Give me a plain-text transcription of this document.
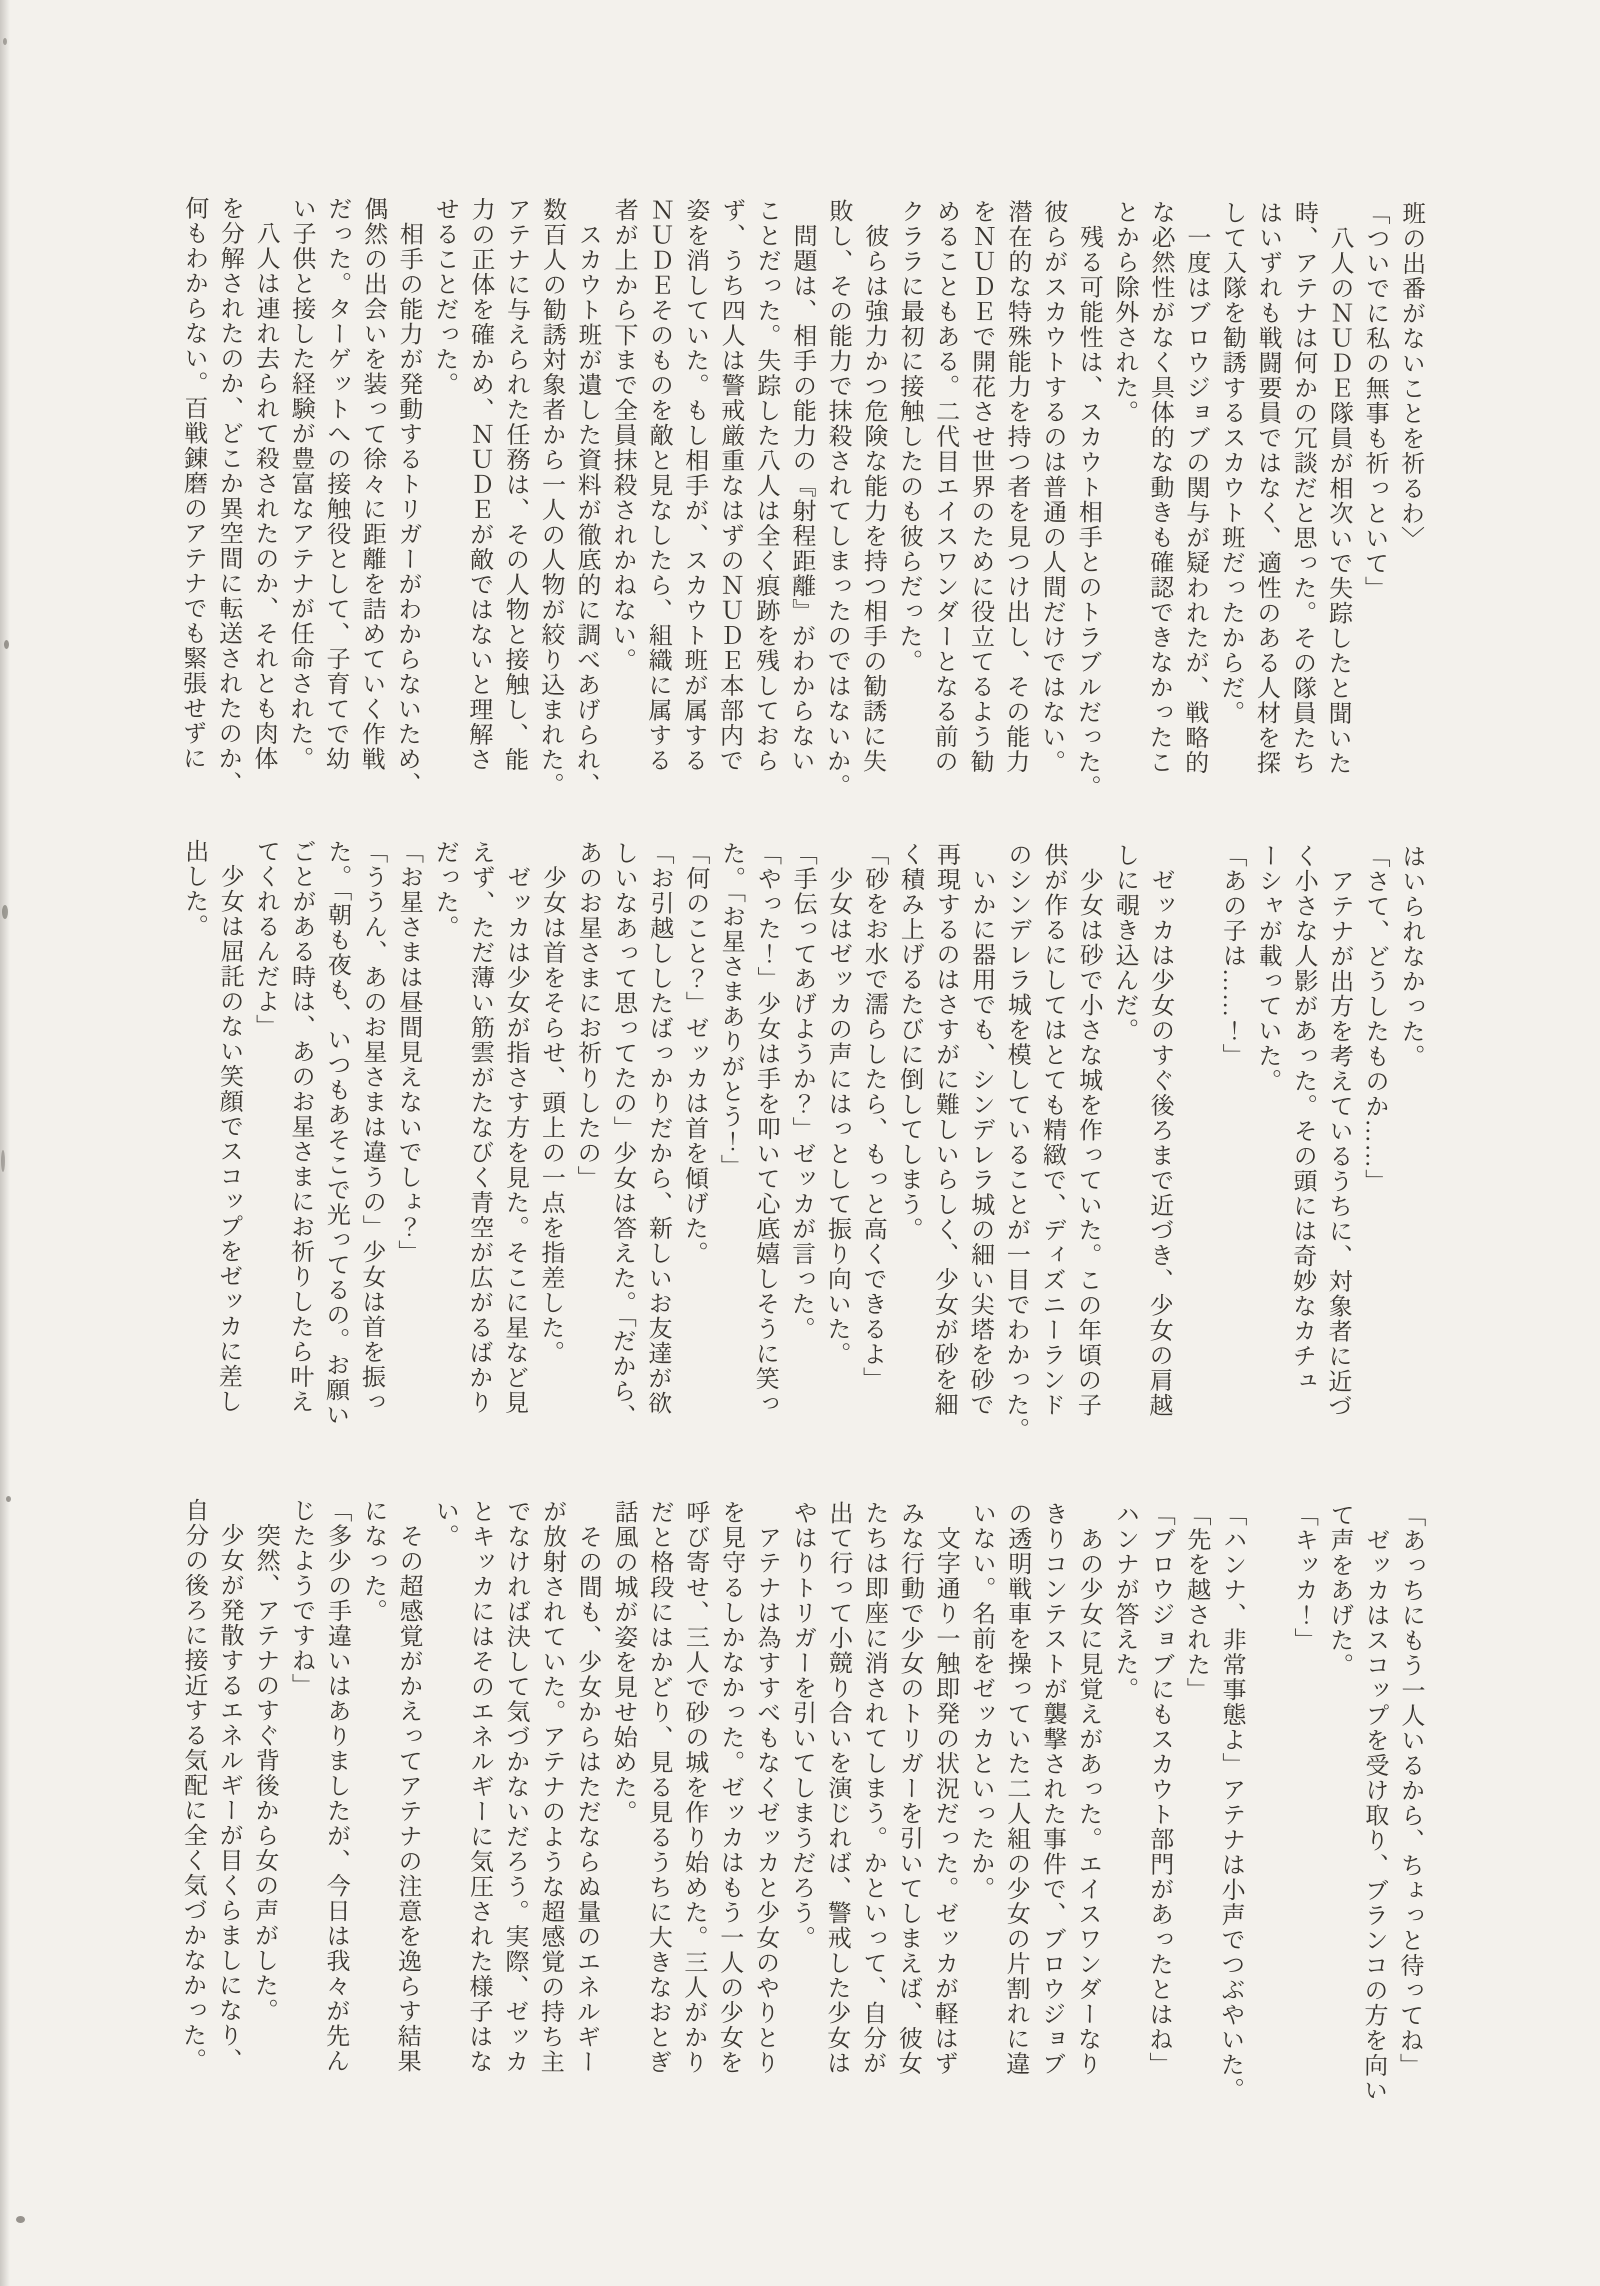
班の出番がないことを祈るわ〉

「ついでに私の無事も祈っといて」

　八人のＮＵＤＥ隊員が相次いで失踪したと聞いた

時、アテナは何かの冗談だと思った。その隊員たち

はいずれも戦闘要員ではなく、適性のある人材を探

して入隊を勧誘するスカウト班だったからだ。

　一度はブロウジョブの関与が疑われたが、戦略的

な必然性がなく具体的な動きも確認できなかったこ

とから除外された。

　残る可能性は、スカウト相手とのトラブルだった。

彼らがスカウトするのは普通の人間だけではない。

潜在的な特殊能力を持つ者を見つけ出し、その能力

をＮＵＤＥで開花させ世界のために役立てるよう勧

めることもある。二代目エイスワンダーとなる前の

クララに最初に接触したのも彼らだった。

　彼らは強力かつ危険な能力を持つ相手の勧誘に失

敗し、その能力で抹殺されてしまったのではないか。

　問題は、相手の能力の『射程距離』がわからない

ことだった。失踪した八人は全く痕跡を残しておら

ず、うち四人は警戒厳重なはずのＮＵＤＥ本部内で

姿を消していた。もし相手が、スカウト班が属する

ＮＵＤＥそのものを敵と見なしたら、組織に属する

者が上から下まで全員抹殺されかねない。

　スカウト班が遺した資料が徹底的に調べあげられ、

数百人の勧誘対象者から一人の人物が絞り込まれた。

アテナに与えられた任務は、その人物と接触し、能

力の正体を確かめ、ＮＵＤＥが敵ではないと理解さ

せることだった。

　相手の能力が発動するトリガーがわからないため、

偶然の出会いを装って徐々に距離を詰めていく作戦

だった。ターゲットへの接触役として、子育てで幼

い子供と接した経験が豊富なアテナが任命された。

　八人は連れ去られて殺されたのか、それとも肉体

を分解されたのか、どこか異空間に転送されたのか、

何もわからない。百戦錬磨のアテナでも緊張せずに

はいられなかった。

「さて、どうしたものか……」

　アテナが出方を考えているうちに、対象者に近づ

く小さな人影があった。その頭には奇妙なカチュ

ーシャが載っていた。

「あの子は……！」

　ゼッカは少女のすぐ後ろまで近づき、少女の肩越

しに覗き込んだ。

　少女は砂で小さな城を作っていた。この年頃の子

供が作るにしてはとても精緻で、ディズニーランド

のシンデレラ城を模していることが一目でわかった。

　いかに器用でも、シンデレラ城の細い尖塔を砂で

再現するのはさすがに難しいらしく、少女が砂を細

く積み上げるたびに倒してしまう。

「砂をお水で濡らしたら、もっと高くできるよ」

　少女はゼッカの声にはっとして振り向いた。

「手伝ってあげようか？」ゼッカが言った。

「やった！」少女は手を叩いて心底嬉しそうに笑っ

た。「お星さまありがとう！」

「何のこと？」ゼッカは首を傾げた。

「お引越ししたばっかりだから、新しいお友達が欲

しいなあって思ってたの」少女は答えた。「だから、

あのお星さまにお祈りしたの」

　少女は首をそらせ、頭上の一点を指差した。

　ゼッカは少女が指さす方を見た。そこに星など見

えず、ただ薄い筋雲がたなびく青空が広がるばかり

だった。

「お星さまは昼間見えないでしょ？」

「ううん、あのお星さまは違うの」少女は首を振っ

た。「朝も夜も、いつもあそこで光ってるの。お願い

ごとがある時は、あのお星さまにお祈りしたら叶え

てくれるんだよ」

　少女は屈託のない笑顔でスコップをゼッカに差し

出した。

「あっちにもう一人いるから、ちょっと待ってね」

　ゼッカはスコップを受け取り、ブランコの方を向い

て声をあげた。

「キッカ！」

「ハンナ、非常事態よ」アテナは小声でつぶやいた。

「先を越された」

「ブロウジョブにもスカウト部門があったとはね」

ハンナが答えた。

　あの少女に見覚えがあった。エイスワンダーなり

きりコンテストが襲撃された事件で、ブロウジョブ

の透明戦車を操っていた二人組の少女の片割れに違

いない。名前をゼッカといったか。

　文字通り一触即発の状況だった。ゼッカが軽はず

みな行動で少女のトリガーを引いてしまえば、彼女

たちは即座に消されてしまう。かといって、自分が

出て行って小競り合いを演じれば、警戒した少女は

やはりトリガーを引いてしまうだろう。

　アテナは為すすべもなくゼッカと少女のやりとり

を見守るしかなかった。ゼッカはもう一人の少女を

呼び寄せ、三人で砂の城を作り始めた。三人がかり

だと格段にはかどり、見る見るうちに大きなおとぎ

話風の城が姿を見せ始めた。

　その間も、少女からはただならぬ量のエネルギー

が放射されていた。アテナのような超感覚の持ち主

でなければ決して気づかないだろう。実際、ゼッカ

とキッカにはそのエネルギーに気圧された様子はな

い。

　その超感覚がかえってアテナの注意を逸らす結果

になった。

「多少の手違いはありましたが、今日は我々が先ん

じたようですね」

　突然、アテナのすぐ背後から女の声がした。

　少女が発散するエネルギーが目くらましになり、

自分の後ろに接近する気配に全く気づかなかった。
